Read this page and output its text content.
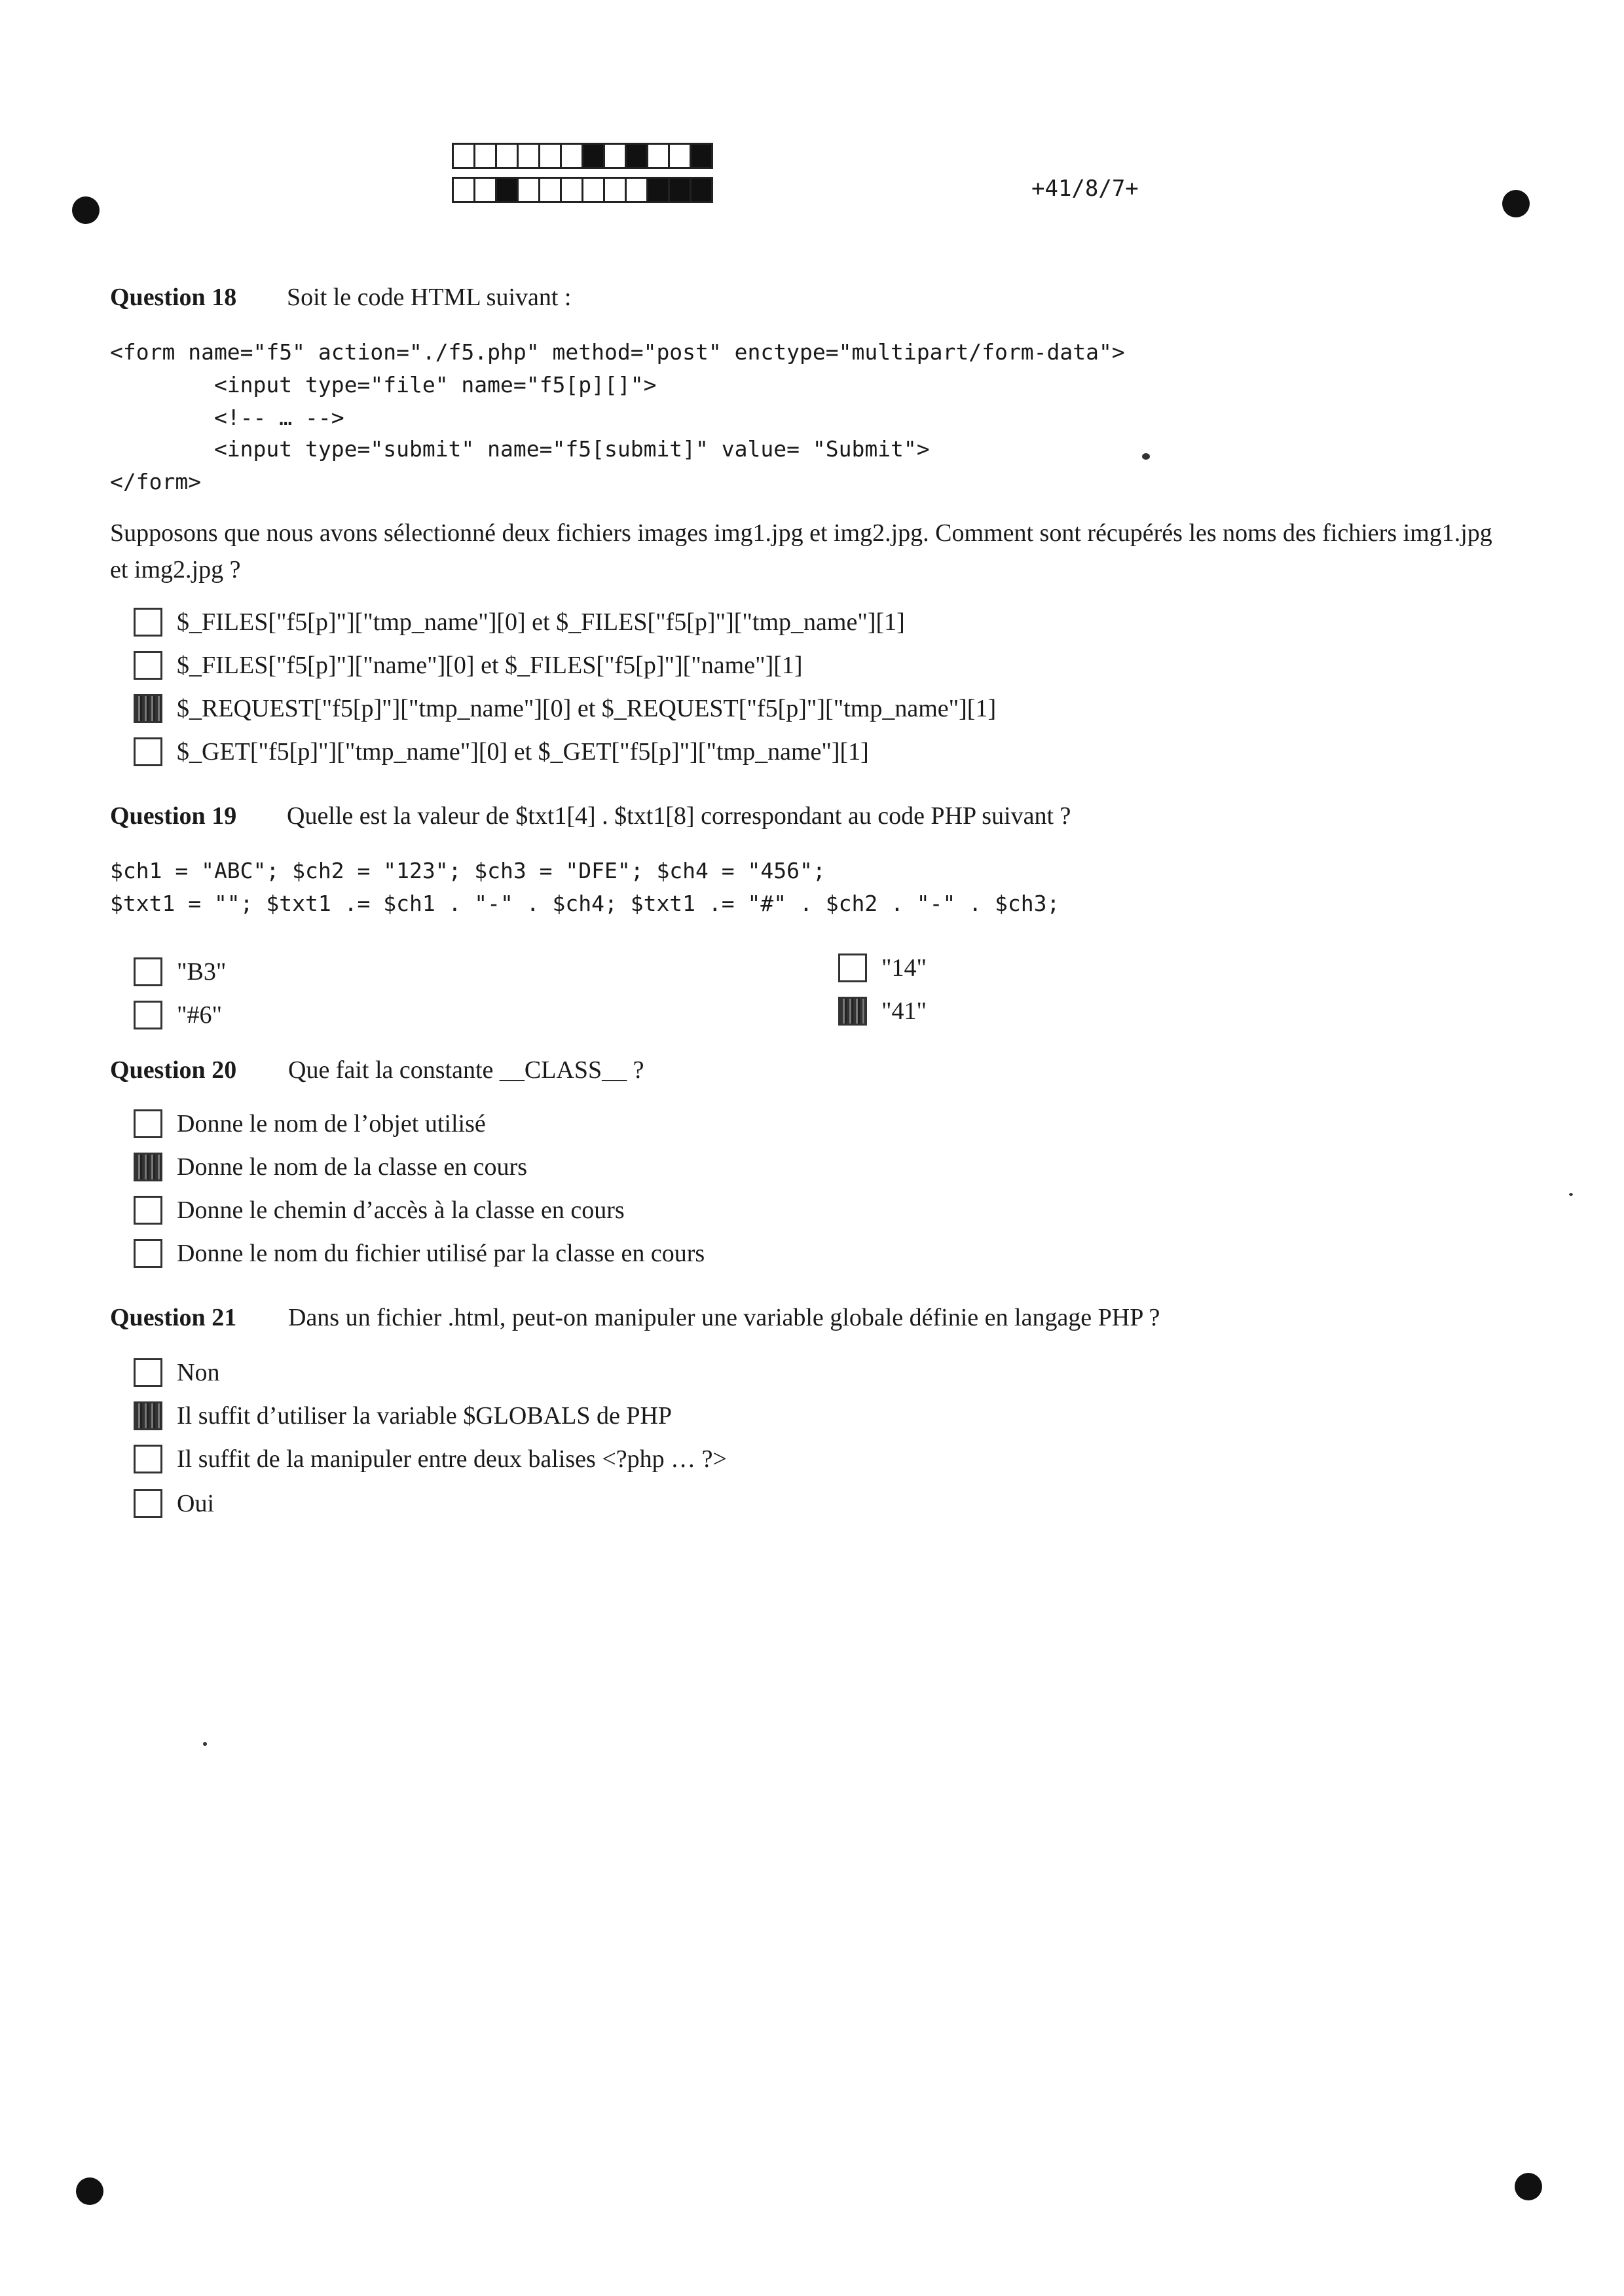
+41/8/7+
Question 18 Soit le code HTML suivant :
<form name="f5" action="./f5.php" method="post" enctype="multipart/form-data">
<input type="file" name="f5[p][]">
<!-- … -->
<input type="submit" name="f5[submit]" value= "Submit">
</form>
Supposons que nous avons sélectionné deux fichiers images img1.jpg et img2.jpg. Comment sont récupérés les noms des fichiers img1.jpg et img2.jpg ?
$_FILES["f5[p]"]["tmp_name"][0] et $_FILES["f5[p]"]["tmp_name"][1]
$_FILES["f5[p]"]["name"][0] et $_FILES["f5[p]"]["name"][1]
$_REQUEST["f5[p]"]["tmp_name"][0] et $_REQUEST["f5[p]"]["tmp_name"][1]
$_GET["f5[p]"]["tmp_name"][0] et $_GET["f5[p]"]["tmp_name"][1]
Question 19 Quelle est la valeur de $txt1[4] . $txt1[8] correspondant au code PHP suivant ?
$ch1 = "ABC"; $ch2 = "123"; $ch3 = "DFE"; $ch4 = "456";
$txt1 = ""; $txt1 .= $ch1 . "-" . $ch4; $txt1 .= "#" . $ch2 . "-" . $ch3;
"B3"
"#6"
"14"
"41"
Question 20 Que fait la constante __CLASS__ ?
Donne le nom de l’objet utilisé
Donne le nom de la classe en cours
Donne le chemin d’accès à la classe en cours
Donne le nom du fichier utilisé par la classe en cours
Question 21 Dans un fichier .html, peut-on manipuler une variable globale définie en langage PHP ?
Non
Il suffit d’utiliser la variable $GLOBALS de PHP
Il suffit de la manipuler entre deux balises <?php … ?>
Oui
